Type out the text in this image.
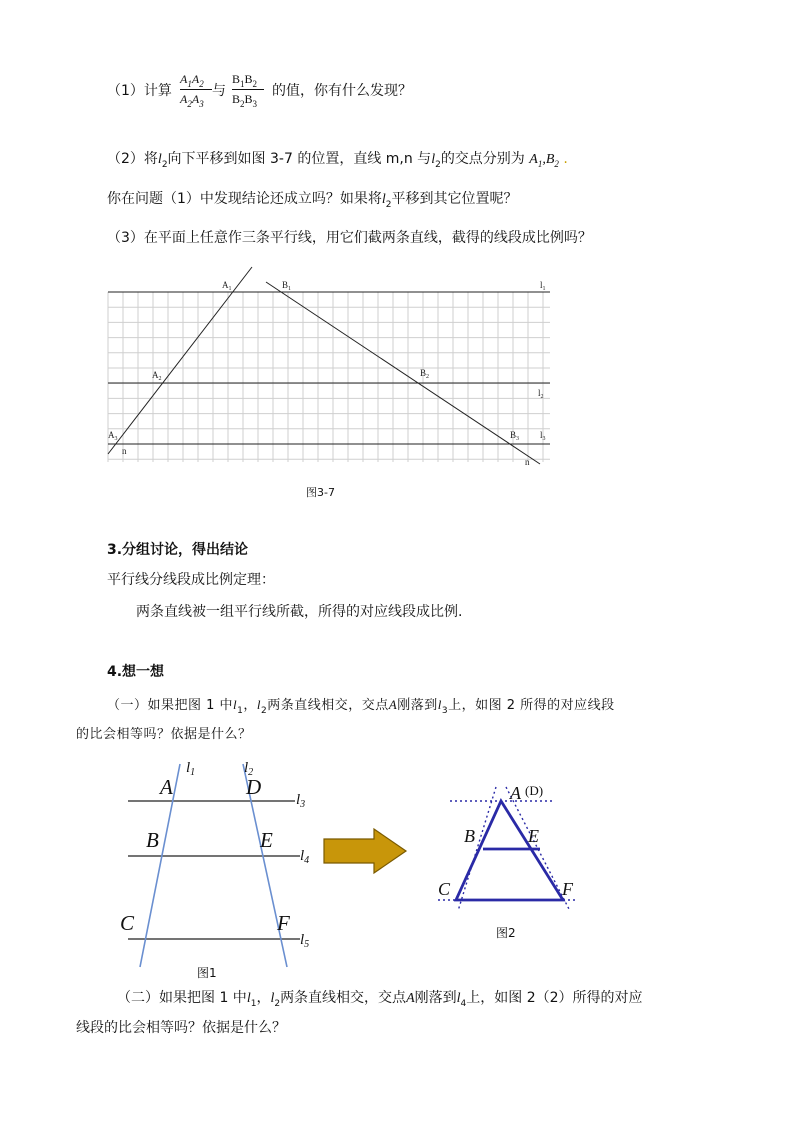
（1）计算
$A_1A_2$
$A_2A_3$
与
$B_1B_2$
$B_2B_3$
的值，你有什么发现？
（2）将$l_2$向下平移到如图 3-7 的位置，直线 m,n 与$l_2$的交点分别为 $A_1,B_2$ .
你在问题（1）中发现结论还成立吗？如果将$l_2$平移到其它位置呢？
（3）在平面上任意作三条平行线，用它们截两条直线，截得的线段成比例吗？
$A_1$	$B_1$	$l_1$
$A_2$
$B_2$
$l_2$
$A_3$	$B_3$ $l_3$
n
n
图3-7
3.分组讨论，得出结论
平行线分线段成比例定理：
两条直线被一组平行线所截，所得的对应线段成比例.
4.想一想
（一）如果把图 1 中$l_1$，$l_2$两条直线相交，交点A刚落到$l_3$上，如图 2 所得的对应线段
的比会相等吗？依据是什么？
A
B
C
D
E
F
$l_1$	$l_2$
$l_3$
$l_4$
$l_5$
图1
A
B	E
C	F
(D)
图2
（二）如果把图 1 中$l_1$，$l_2$两条直线相交，交点A刚落到$l_4$上，如图 2（2）所得的对应
线段的比会相等吗？依据是什么？
